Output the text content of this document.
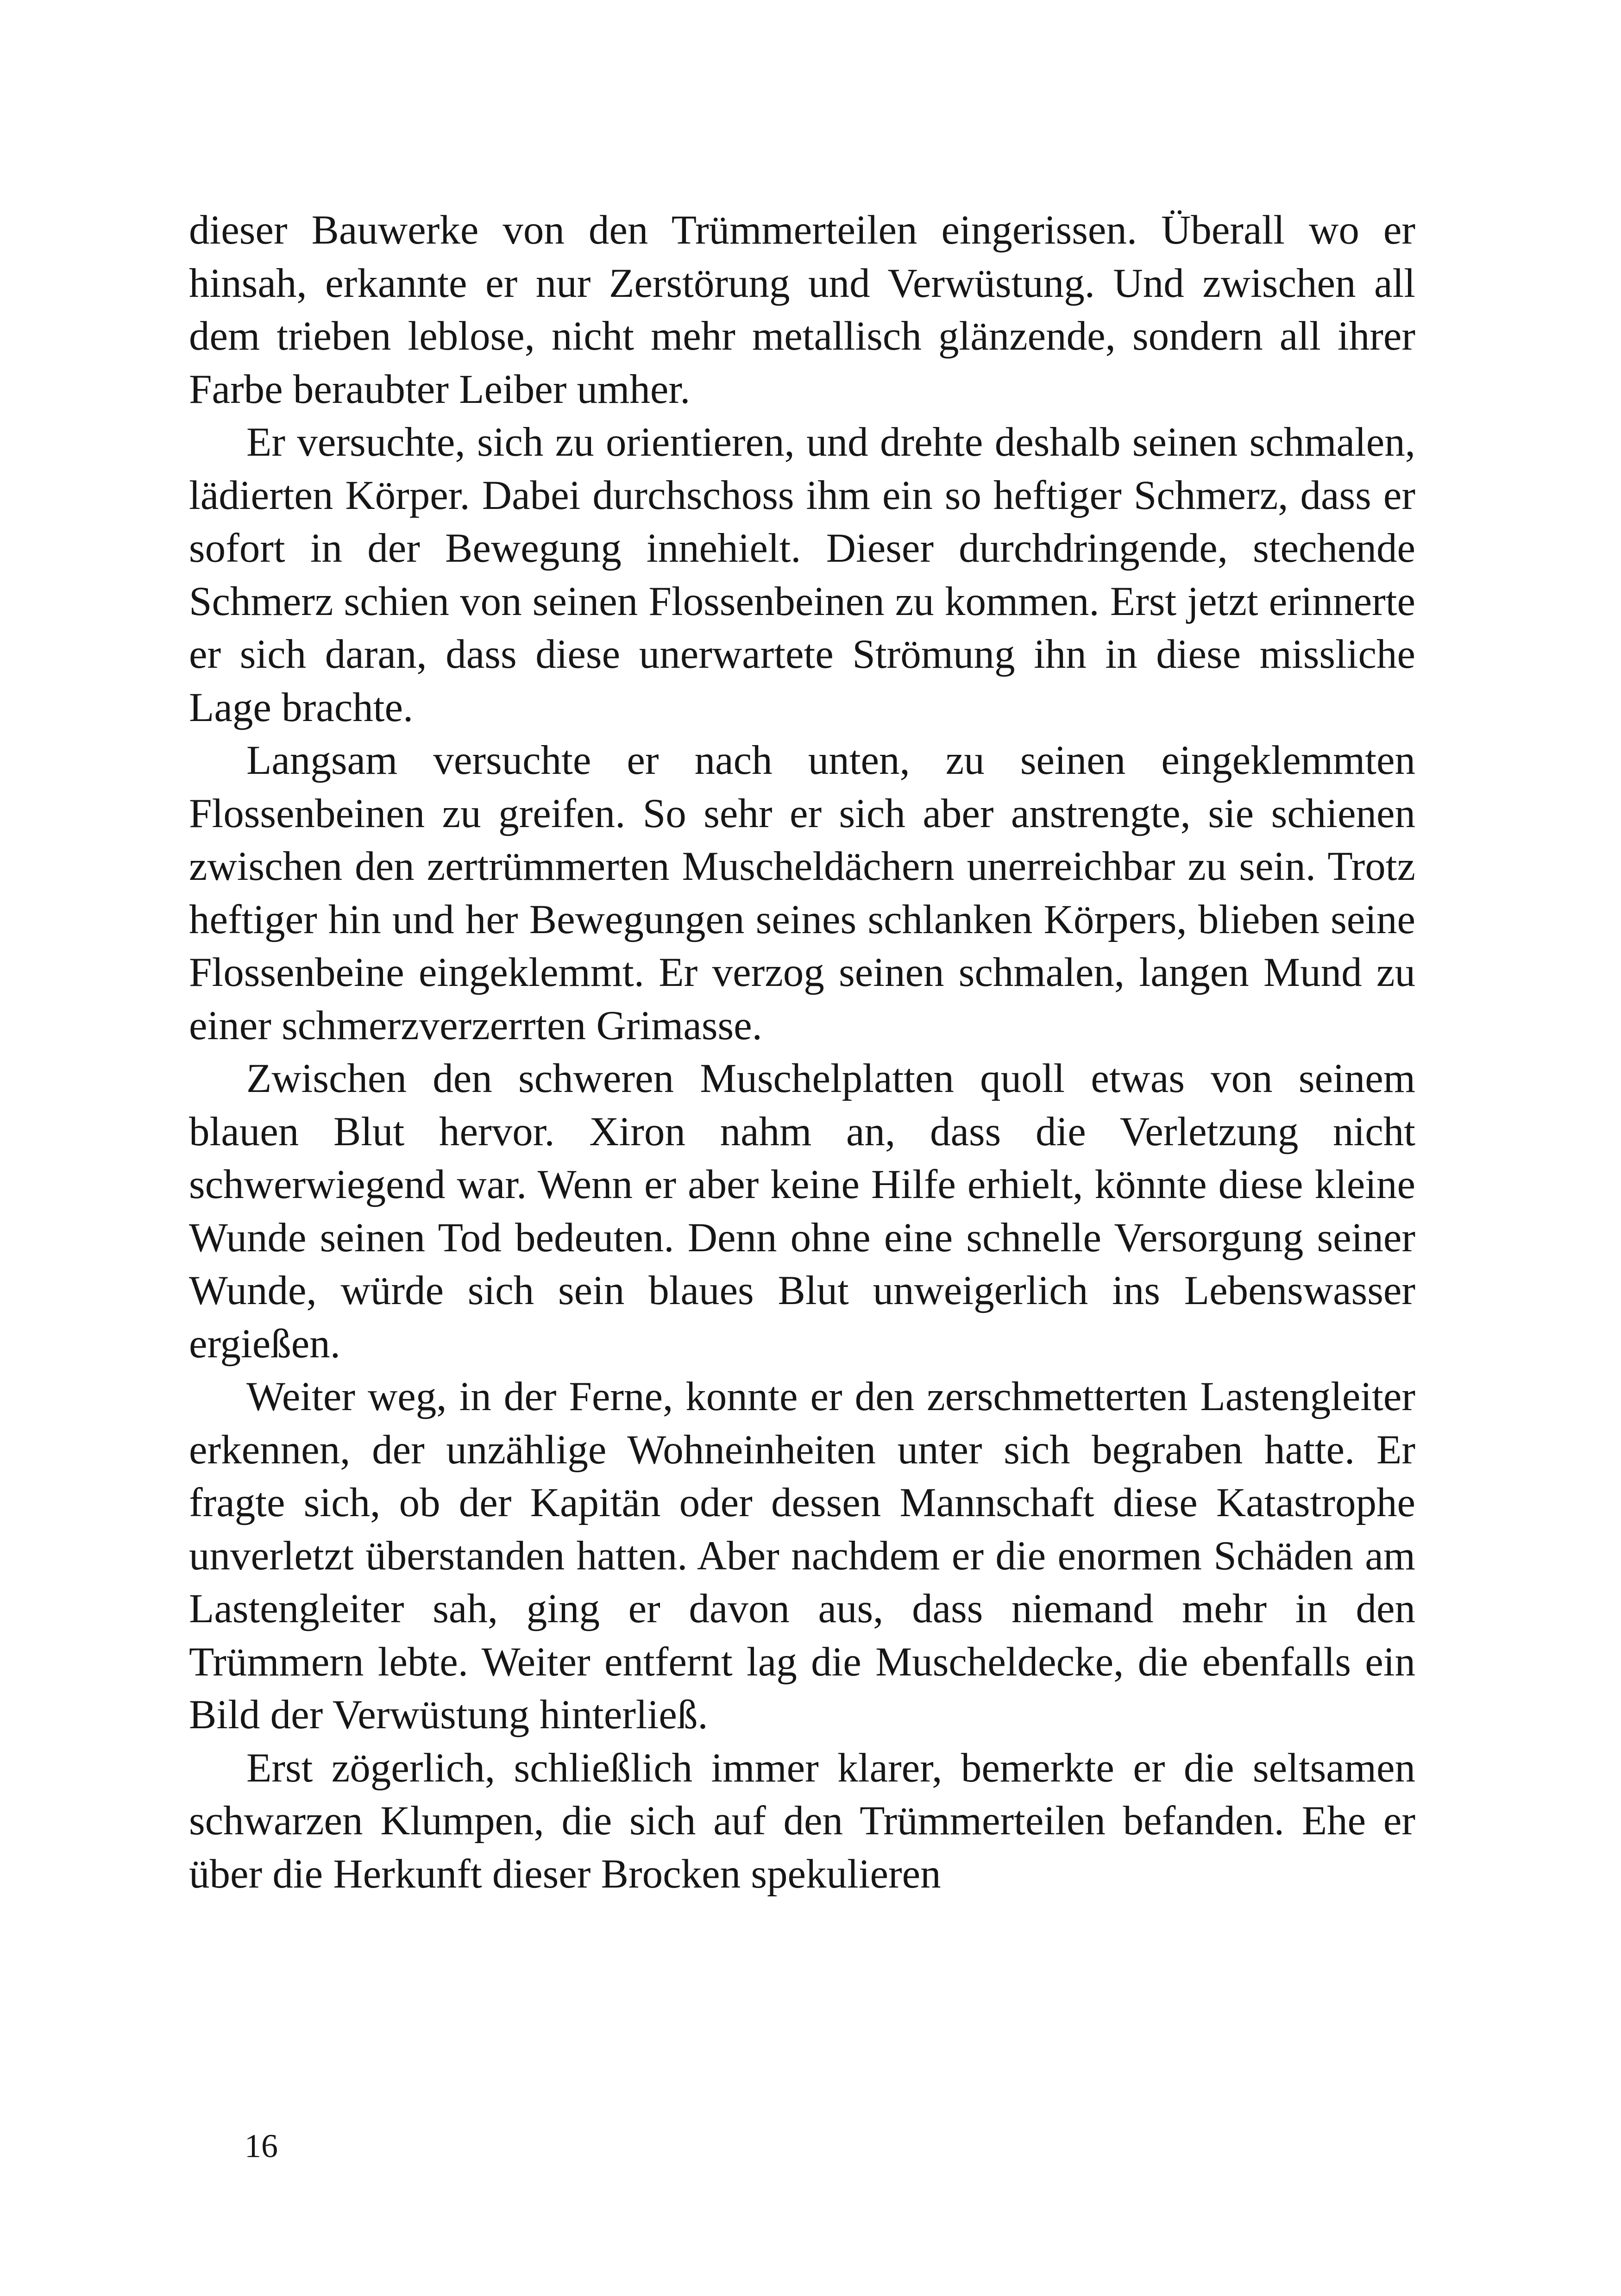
dieser Bauwerke von den Trümmerteilen eingerissen. Überall wo er hinsah, erkannte er nur Zerstörung und Verwüstung. Und zwischen all dem trieben leblose, nicht mehr metallisch glänzende, sondern all ihrer Farbe beraubter Leiber umher.

Er versuchte, sich zu orientieren, und drehte deshalb seinen schmalen, lädierten Körper. Dabei durchschoss ihm ein so heftiger Schmerz, dass er sofort in der Bewegung innehielt. Dieser durchdringende, stechende Schmerz schien von seinen Flossenbeinen zu kommen. Erst jetzt erinnerte er sich daran, dass diese unerwartete Strömung ihn in diese missliche Lage brachte.

Langsam versuchte er nach unten, zu seinen eingeklemmten Flossenbeinen zu greifen. So sehr er sich aber anstrengte, sie schienen zwischen den zertrümmerten Muscheldächern unerreichbar zu sein. Trotz heftiger hin und her Bewegungen seines schlanken Körpers, blieben seine Flossenbeine eingeklemmt. Er verzog seinen schmalen, langen Mund zu einer schmerzverzerrten Grimasse.

Zwischen den schweren Muschelplatten quoll etwas von seinem blauen Blut hervor. Xiron nahm an, dass die Verletzung nicht schwerwiegend war. Wenn er aber keine Hilfe erhielt, könnte diese kleine Wunde seinen Tod bedeuten. Denn ohne eine schnelle Versorgung seiner Wunde, würde sich sein blaues Blut unweigerlich ins Lebenswasser ergießen.

Weiter weg, in der Ferne, konnte er den zerschmetterten Lastengleiter erkennen, der unzählige Wohneinheiten unter sich begraben hatte. Er fragte sich, ob der Kapitän oder dessen Mannschaft diese Katastrophe unverletzt überstanden hatten. Aber nachdem er die enormen Schäden am Lastengleiter sah, ging er davon aus, dass niemand mehr in den Trümmern lebte. Weiter entfernt lag die Muscheldecke, die ebenfalls ein Bild der Verwüstung hinterließ.

Erst zögerlich, schließlich immer klarer, bemerkte er die seltsamen schwarzen Klumpen, die sich auf den Trümmerteilen befanden. Ehe er über die Herkunft dieser Brocken spekulieren

16
